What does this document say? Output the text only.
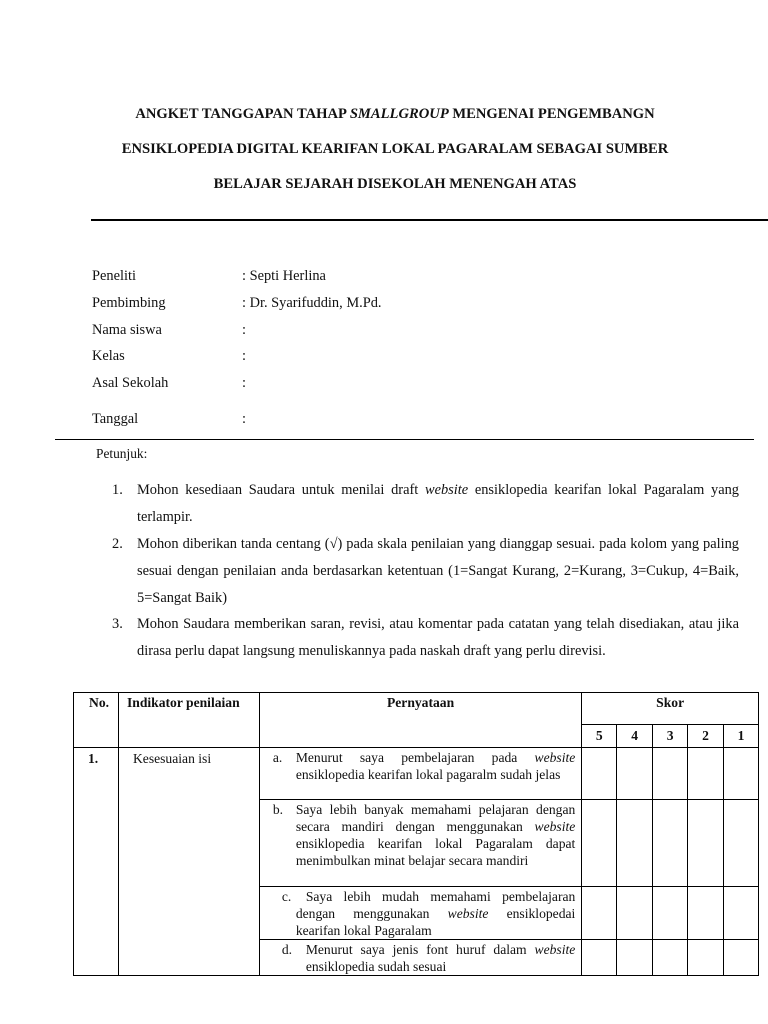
ANGKET TANGGAPAN TAHAP SMALLGROUP MENGENAI PENGEMBANGN
ENSIKLOPEDIA DIGITAL KEARIFAN LOKAL PAGARALAM SEBAGAI SUMBER
BELAJAR SEJARAH DISEKOLAH MENENGAH ATAS
Peneliti	: Septi Herlina
Pembimbing	: Dr. Syarifuddin, M.Pd.
Nama siswa	:
Kelas	:
Asal Sekolah	:
Tanggal	:
Petunjuk:
1. Mohon kesediaan Saudara untuk menilai draft website ensiklopedia kearifan lokal Pagaralam yang terlampir.
2. Mohon diberikan tanda centang (√) pada skala penilaian yang dianggap sesuai. pada kolom yang paling sesuai dengan penilaian anda berdasarkan ketentuan (1=Sangat Kurang, 2=Kurang, 3=Cukup, 4=Baik, 5=Sangat Baik)
3. Mohon Saudara memberikan saran, revisi, atau komentar pada catatan yang telah disediakan, atau jika dirasa perlu dapat langsung menuliskannya pada naskah draft yang perlu direvisi.
No.	Indikator penilaian	Pernyataan	Skor				
			5	4	3	2	1
1.	Kesesuaian isi	a. Menurut saya pembelajaran pada website ensiklopedia kearifan lokal pagaralm sudah jelas					

		b. Saya lebih banyak memahami pelajaran dengan secara mandiri dengan menggunakan website ensiklopedia kearifan lokal Pagaralam dapat menimbulkan minat belajar secara mandiri					

		c. Saya lebih mudah memahami pembelajaran dengan menggunakan website ensiklopedai kearifan lokal Pagaralam					

		d. Menurut saya jenis font huruf dalam website ensiklopedia sudah sesuai					
